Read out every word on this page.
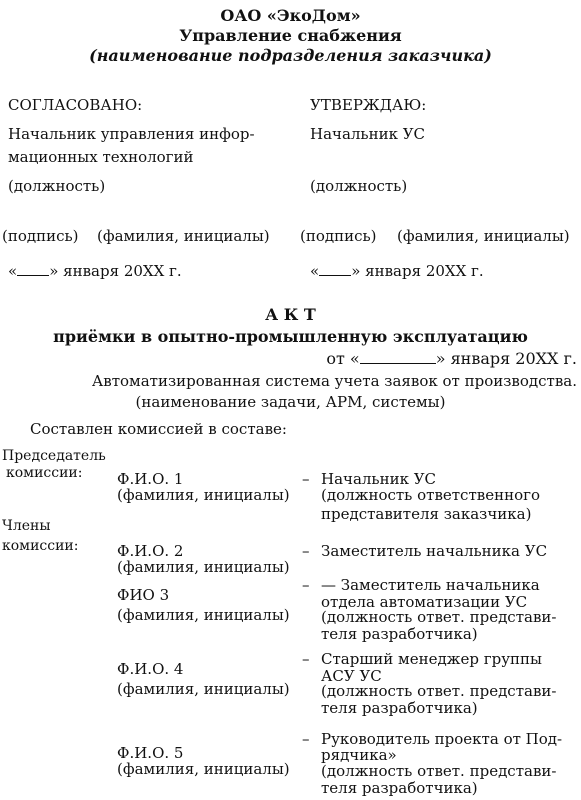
ОАО «ЭкоДом»
Управление снабжения
(наименование подразделения заказчика)
СОГЛАСОВАНО:
Начальник управления инфор-
мационных технологий
(должность)
(подпись) (фамилия, инициалы)
« » января 20ХХ г.
УТВЕРЖДАЮ:
Начальник УС
(должность)
(подпись) (фамилия, инициалы)
« » января 20ХХ г.
А К Т
приёмки в опытно-промышленную эксплуатацию
от «	» января 20ХХ г.
Автоматизированная система учета заявок от производства.
(наименование задачи, АРМ, системы)
Составлен комиссией в составе:
Председатель
комиссии:
Члены
комиссии:
Ф.И.О. 1
(фамилия, инициалы)
– Начальник УС
(должность ответственного
представителя заказчика)
Ф.И.О. 2
(фамилия, инициалы)
– Заместитель начальника УС
ФИО 3
(фамилия, инициалы)
– — Заместитель начальника
отдела автоматизации УС
(должность ответ. представи-
теля разработчика)
Ф.И.О. 4
(фамилия, инициалы)
– Старший менеджер группы
АСУ УС
(должность ответ. представи-
теля разработчика)
Ф.И.О. 5
(фамилия, инициалы)
– Руководитель проекта от Под-
рядчика»
(должность ответ. представи-
теля разработчика)
